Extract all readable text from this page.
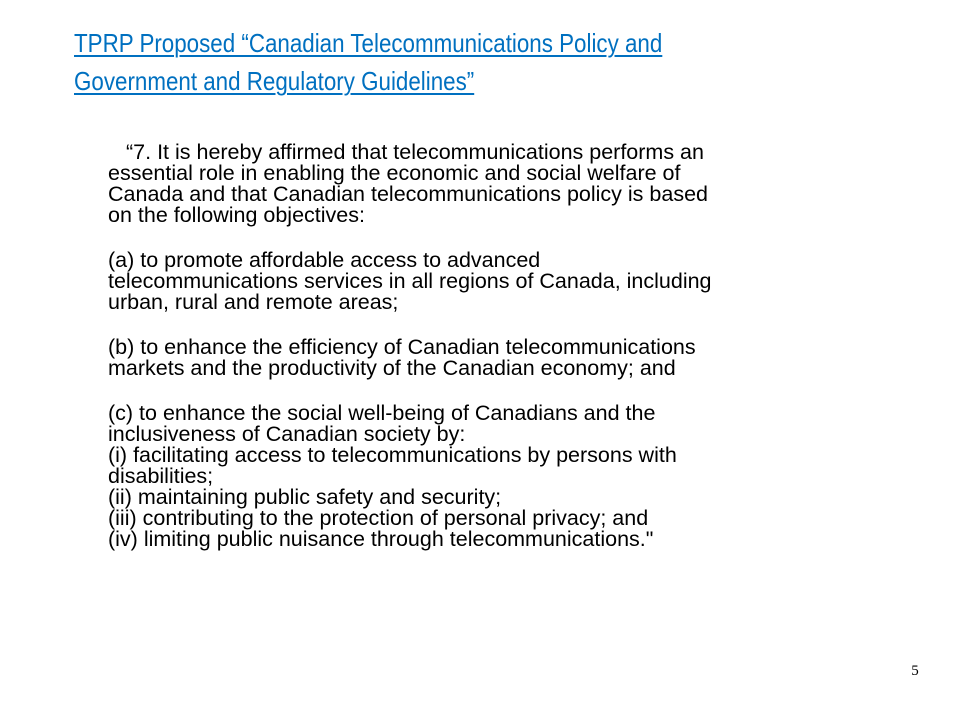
TPRP Proposed “Canadian Telecommunications Policy and
Government and Regulatory Guidelines”

“7. It is hereby affirmed that telecommunications performs an
essential role in enabling the economic and social welfare of
Canada and that Canadian telecommunications policy is based
on the following objectives:

(a) to promote affordable access to advanced
telecommunications services in all regions of Canada, including
urban, rural and remote areas;

(b) to enhance the efficiency of Canadian telecommunications
markets and the productivity of the Canadian economy; and

(c) to enhance the social well-being of Canadians and the
inclusiveness of Canadian society by:
(i) facilitating access to telecommunications by persons with
disabilities;
(ii) maintaining public safety and security;
(iii) contributing to the protection of personal privacy; and
(iv) limiting public nuisance through telecommunications."

5
